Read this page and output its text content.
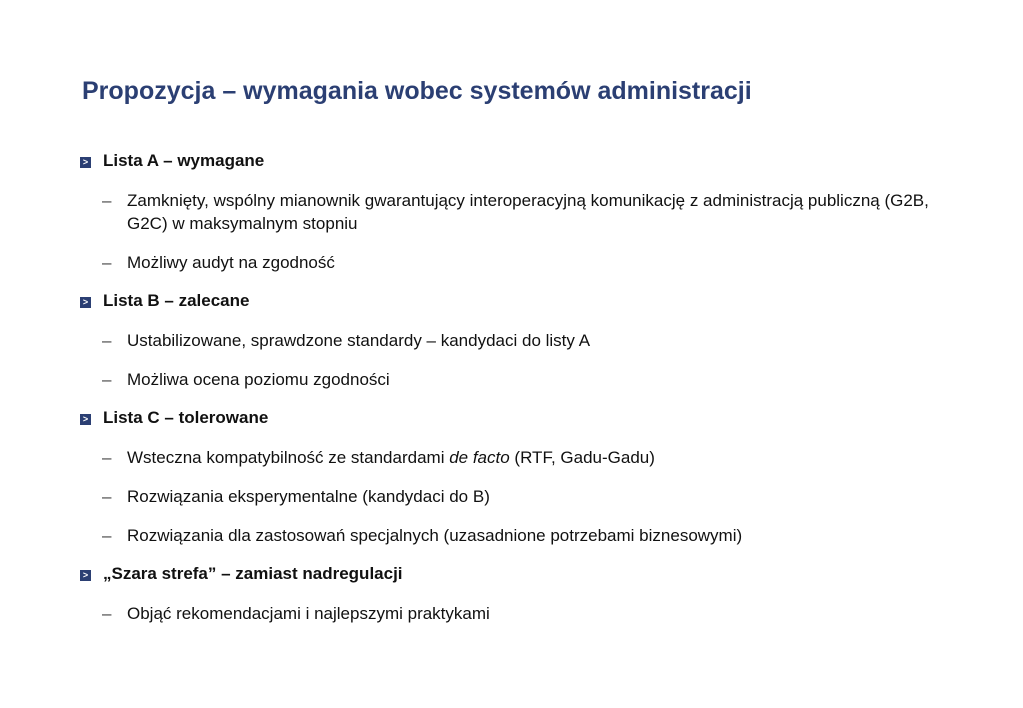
Propozycja – wymagania wobec systemów administracji
> Lista A – wymagane
– Zamknięty, wspólny mianownik gwarantujący interoperacyjną komunikację z administracją publiczną (G2B, G2C) w maksymalnym stopniu
– Możliwy audyt na zgodność
> Lista B – zalecane
– Ustabilizowane, sprawdzone standardy – kandydaci do listy A
– Możliwa ocena poziomu zgodności
> Lista C – tolerowane
– Wsteczna kompatybilność ze standardami de facto (RTF, Gadu-Gadu)
– Rozwiązania eksperymentalne (kandydaci do B)
– Rozwiązania dla zastosowań specjalnych (uzasadnione potrzebami biznesowymi)
> „Szara strefa” – zamiast nadregulacji
– Objąć rekomendacjami i najlepszymi praktykami
